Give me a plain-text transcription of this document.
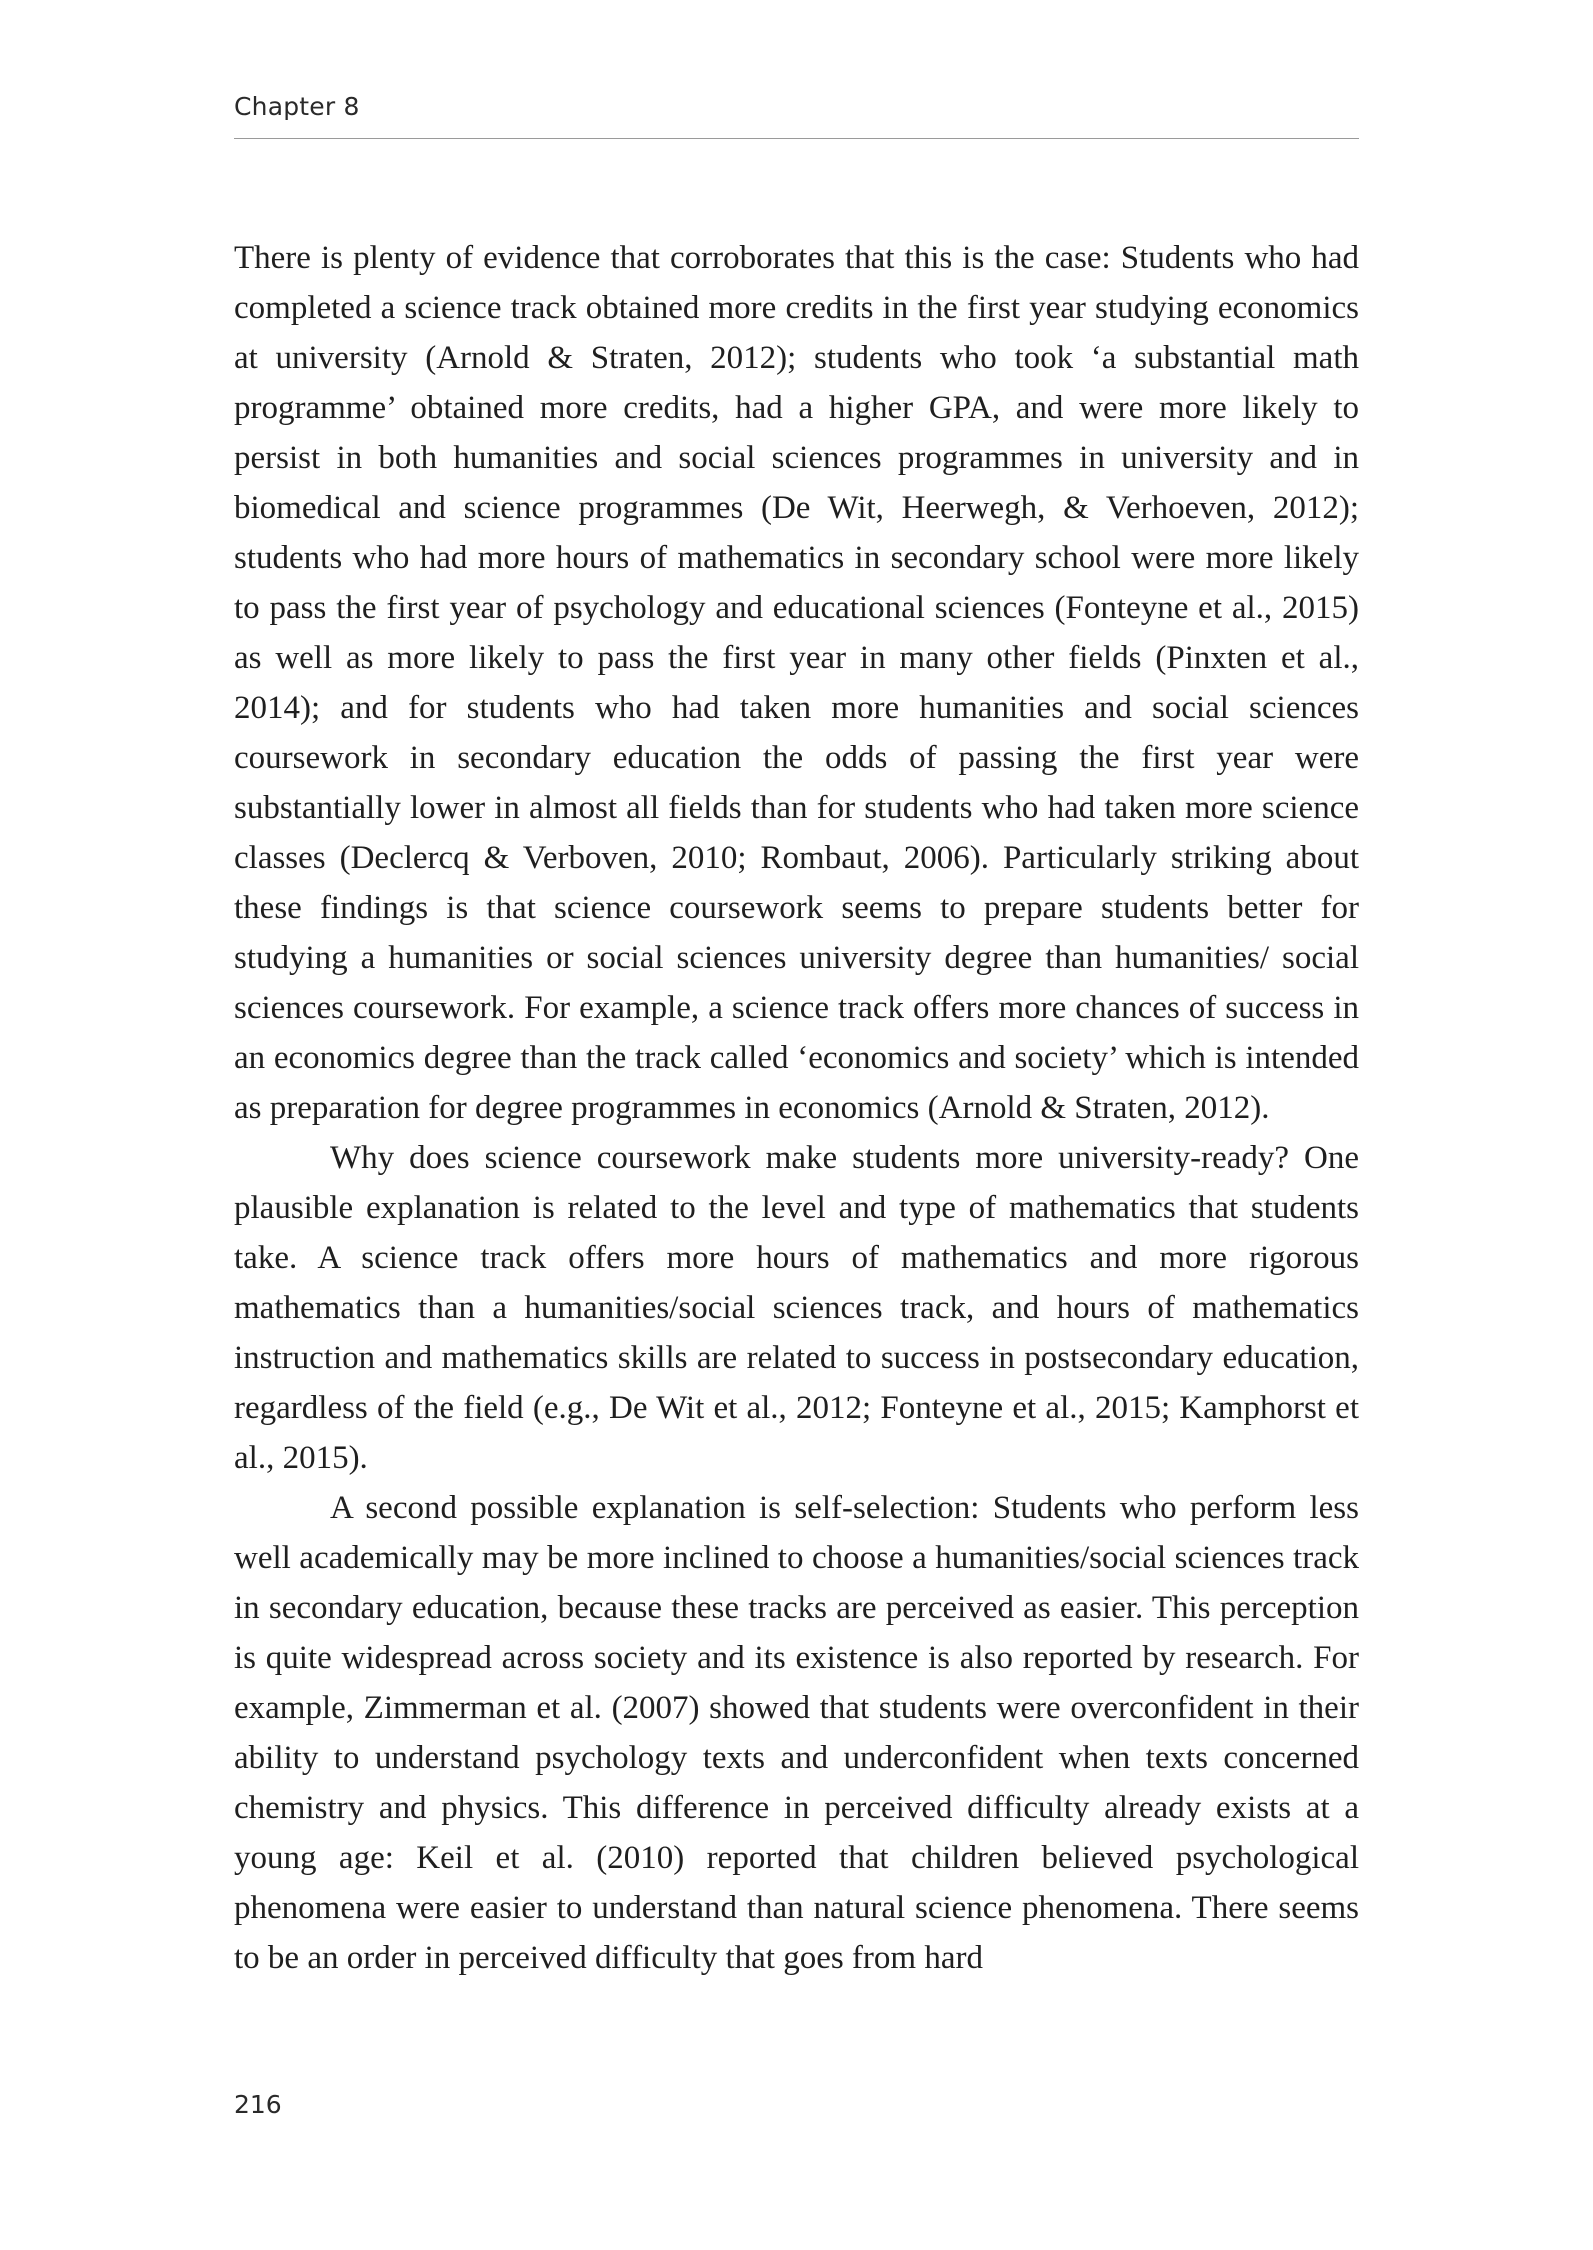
Chapter 8

There is plenty of evidence that corroborates that this is the case: Students who had completed a science track obtained more credits in the first year studying economics at university (Arnold & Straten, 2012); students who took ‘a substantial math programme’ obtained more credits, had a higher GPA, and were more likely to persist in both humanities and social sciences programmes in university and in biomedical and science programmes (De Wit, Heerwegh, & Verhoeven, 2012); students who had more hours of mathematics in secondary school were more likely to pass the first year of psychology and educational sciences (Fonteyne et al., 2015) as well as more likely to pass the first year in many other fields (Pinxten et al., 2014); and for students who had taken more humanities and social sciences coursework in secondary education the odds of passing the first year were substantially lower in almost all fields than for students who had taken more science classes (Declercq & Verboven, 2010; Rombaut, 2006). Particularly striking about these findings is that science coursework seems to prepare students better for studying a humanities or social sciences university degree than humanities/ social sciences coursework. For example, a science track offers more chances of success in an economics degree than the track called ‘economics and society’ which is intended as preparation for degree programmes in economics (Arnold & Straten, 2012).

Why does science coursework make students more university-ready? One plausible explanation is related to the level and type of mathematics that students take. A science track offers more hours of mathematics and more rigorous mathematics than a humanities/social sciences track, and hours of mathematics instruction and mathematics skills are related to success in postsecondary education, regardless of the field (e.g., De Wit et al., 2012; Fonteyne et al., 2015; Kamphorst et al., 2015).

A second possible explanation is self-selection: Students who perform less well academically may be more inclined to choose a humanities/social sciences track in secondary education, because these tracks are perceived as easier. This perception is quite widespread across society and its existence is also reported by research. For example, Zimmerman et al. (2007) showed that students were overconfident in their ability to understand psychology texts and underconfident when texts concerned chemistry and physics. This difference in perceived difficulty already exists at a young age: Keil et al. (2010) reported that children believed psychological phenomena were easier to understand than natural science phenomena. There seems to be an order in perceived difficulty that goes from hard

216
